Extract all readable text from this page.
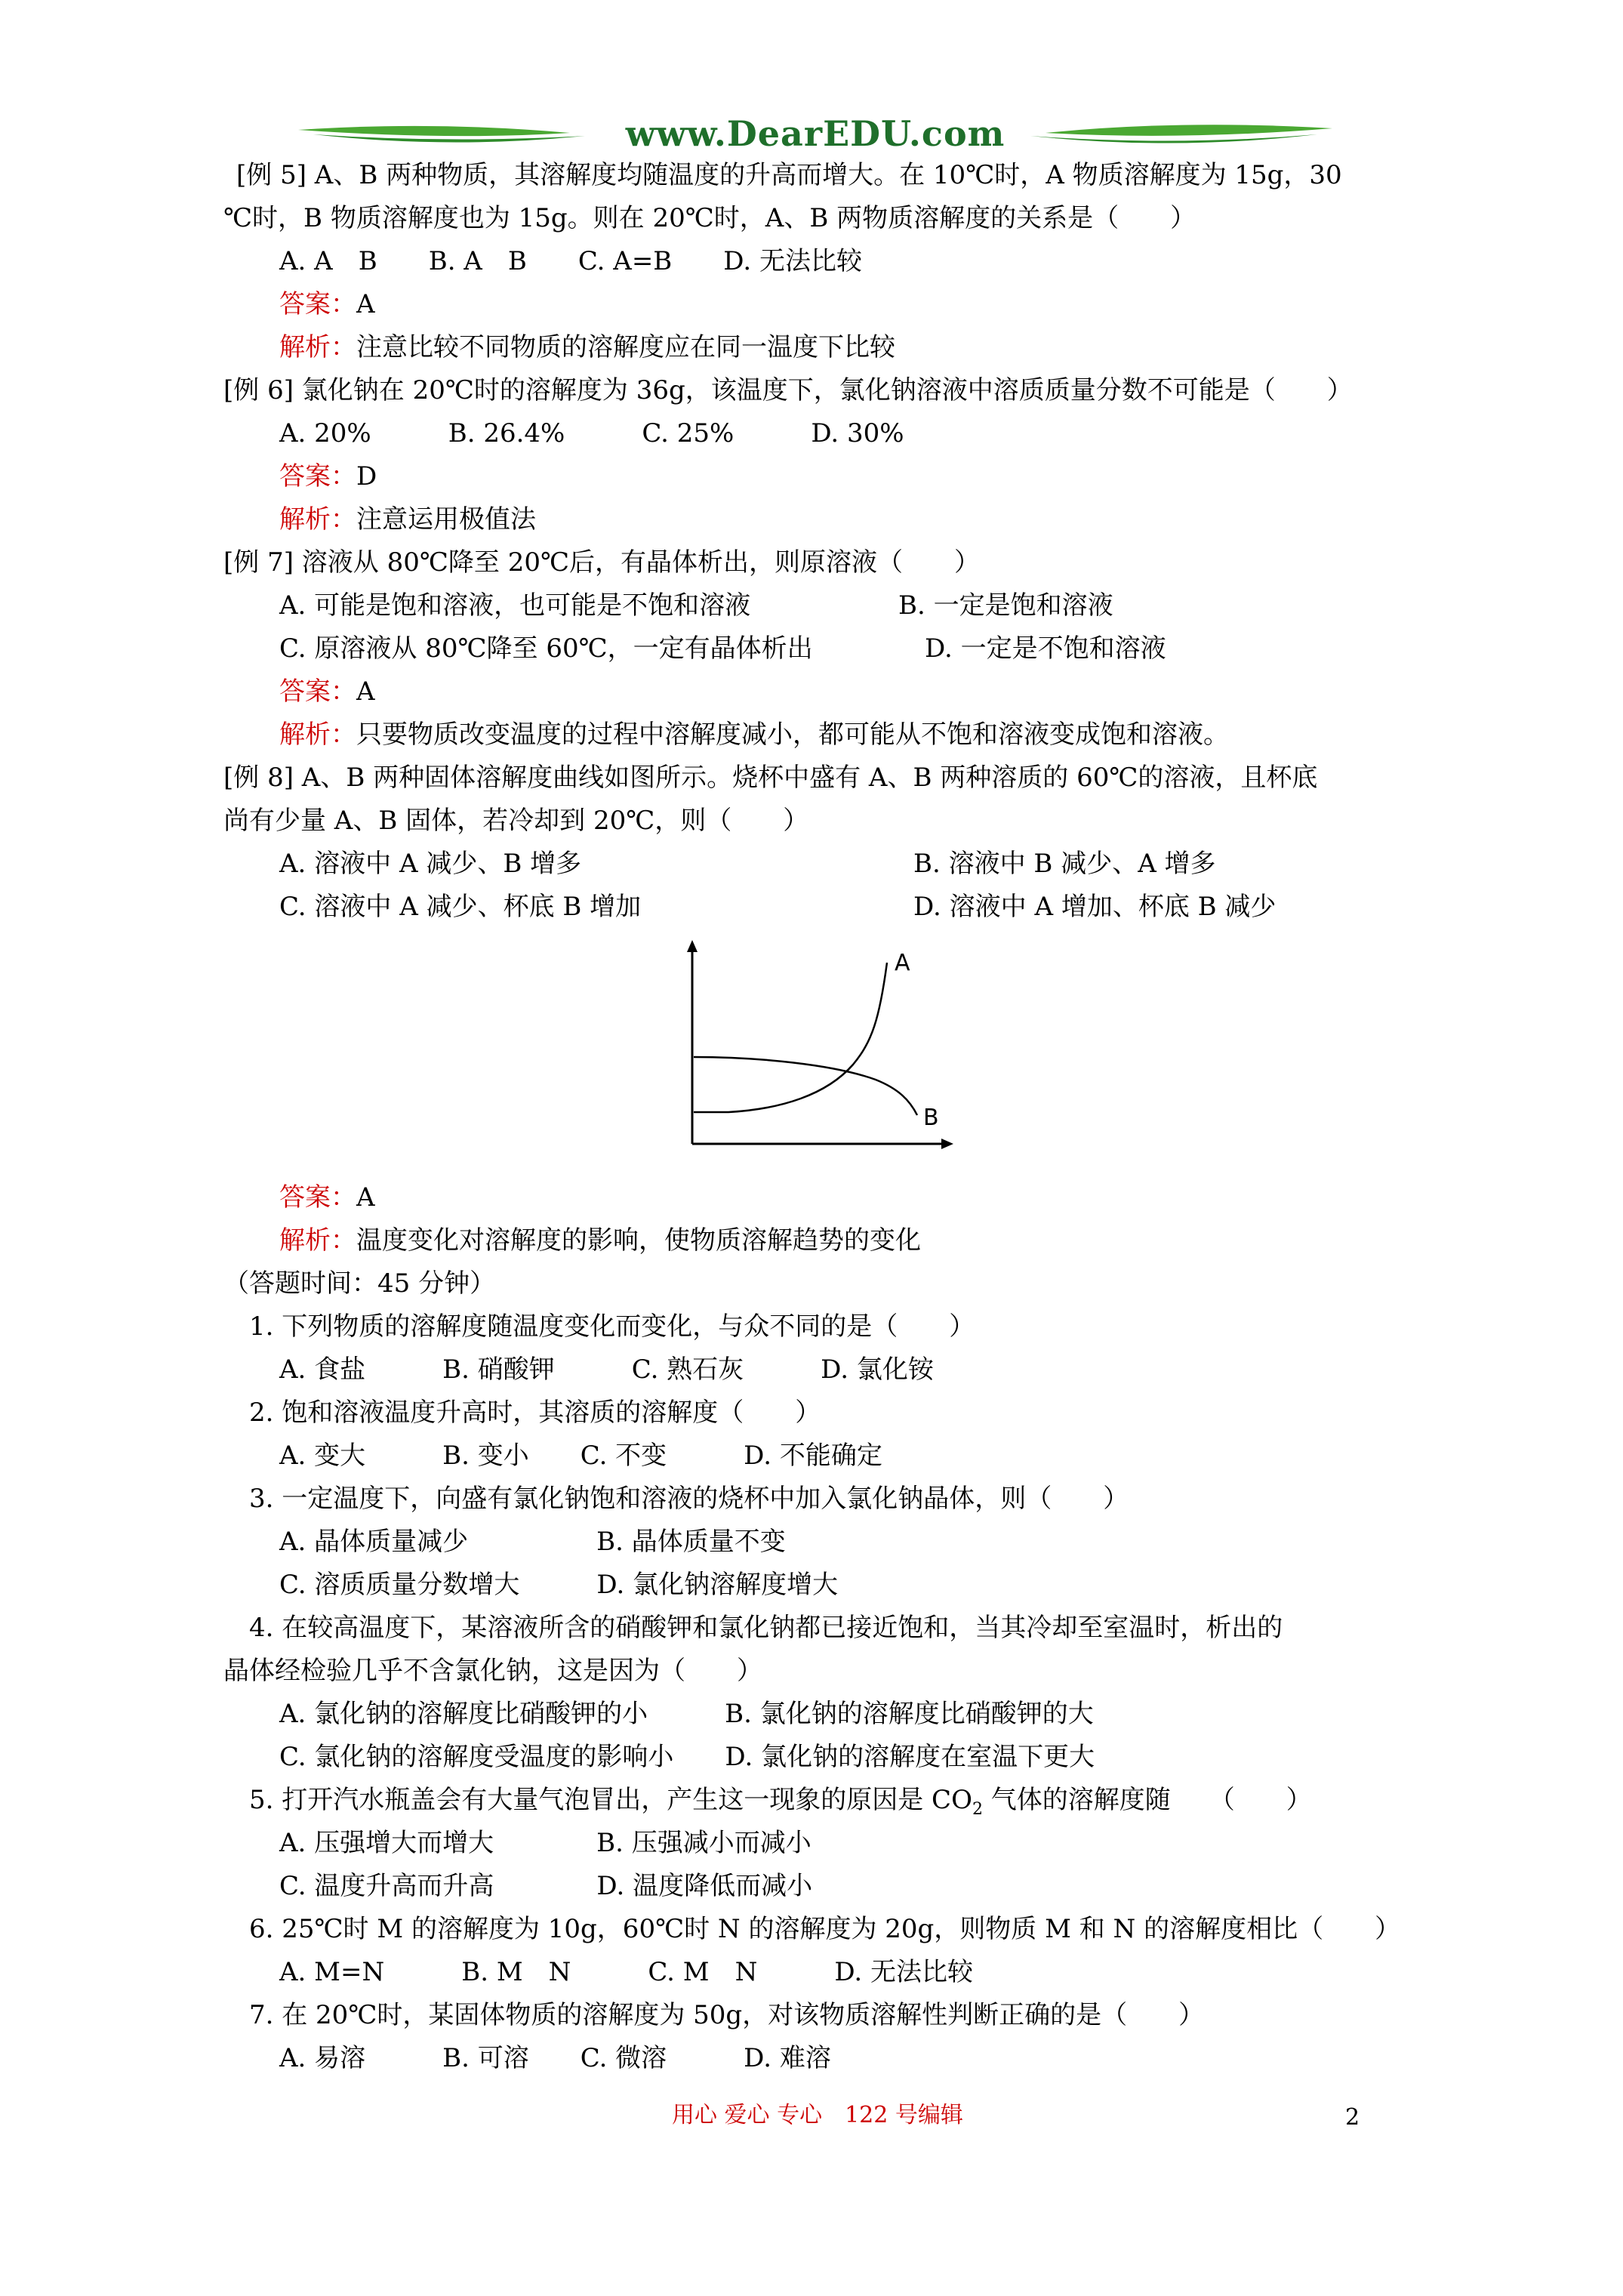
www.DearEDU.com
[例 5] A、B 两种物质，其溶解度均随温度的升高而增大。在 10℃时，A 物质溶解度为 15g，30
℃时，B 物质溶解度也为 15g。则在 20℃时，A、B 两物质溶解度的关系是（　　）
A. A　B　　B. A　B　　C. A=B　　D. 无法比较
答案：A
解析：注意比较不同物质的溶解度应在同一温度下比较
[例 6] 氯化钠在 20℃时的溶解度为 36g，该温度下，氯化钠溶液中溶质质量分数不可能是（　　）
A. 20%　　　B. 26.4%　　　C. 25%　　　D. 30%
答案：D
解析：注意运用极值法
[例 7] 溶液从 80℃降至 20℃后，有晶体析出，则原溶液（　　）
A. 可能是饱和溶液，也可能是不饱和溶液	B. 一定是饱和溶液
C. 原溶液从 80℃降至 60℃，一定有晶体析出	D. 一定是不饱和溶液
答案：A
解析：只要物质改变温度的过程中溶解度减小，都可能从不饱和溶液变成饱和溶液。
[例 8] A、B 两种固体溶解度曲线如图所示。烧杯中盛有 A、B 两种溶质的 60℃的溶液，且杯底
尚有少量 A、B 固体，若冷却到 20℃，则（　　）
A. 溶液中 A 减少、B 增多	B. 溶液中 B 减少、A 增多
C. 溶液中 A 减少、杯底 B 增加	D. 溶液中 A 增加、杯底 B 减少
A
B
答案：A
解析：温度变化对溶解度的影响，使物质溶解趋势的变化
（答题时间：45 分钟）
1. 下列物质的溶解度随温度变化而变化，与众不同的是（　　）
A. 食盐　　　B. 硝酸钾　　　C. 熟石灰　　　D. 氯化铵
2. 饱和溶液温度升高时，其溶质的溶解度（　　）
A. 变大　　　B. 变小　　C. 不变　　　D. 不能确定
3. 一定温度下，向盛有氯化钠饱和溶液的烧杯中加入氯化钠晶体，则（　　）
A. 晶体质量减少　　　　　B. 晶体质量不变
C. 溶质质量分数增大　　　D. 氯化钠溶解度增大
4. 在较高温度下，某溶液所含的硝酸钾和氯化钠都已接近饱和，当其冷却至室温时，析出的
晶体经检验几乎不含氯化钠，这是因为（　　）
A. 氯化钠的溶解度比硝酸钾的小　　　B. 氯化钠的溶解度比硝酸钾的大
C. 氯化钠的溶解度受温度的影响小　　D. 氯化钠的溶解度在室温下更大
5. 打开汽水瓶盖会有大量气泡冒出，产生这一现象的原因是 $CO_2$ 气体的溶解度随　　（　　）
A. 压强增大而增大　　　　B. 压强减小而减小
C. 温度升高而升高　　　　D. 温度降低而减小
6. 25℃时 M 的溶解度为 10g，60℃时 N 的溶解度为 20g，则物质 M 和 N 的溶解度相比（　　）
A. M=N　　　B. M　N　　　C. M　N　　　D. 无法比较
7. 在 20℃时，某固体物质的溶解度为 50g，对该物质溶解性判断正确的是（　　）
A. 易溶　　　B. 可溶　　C. 微溶　　　D. 难溶
用心 爱心 专心　122 号编辑	2
